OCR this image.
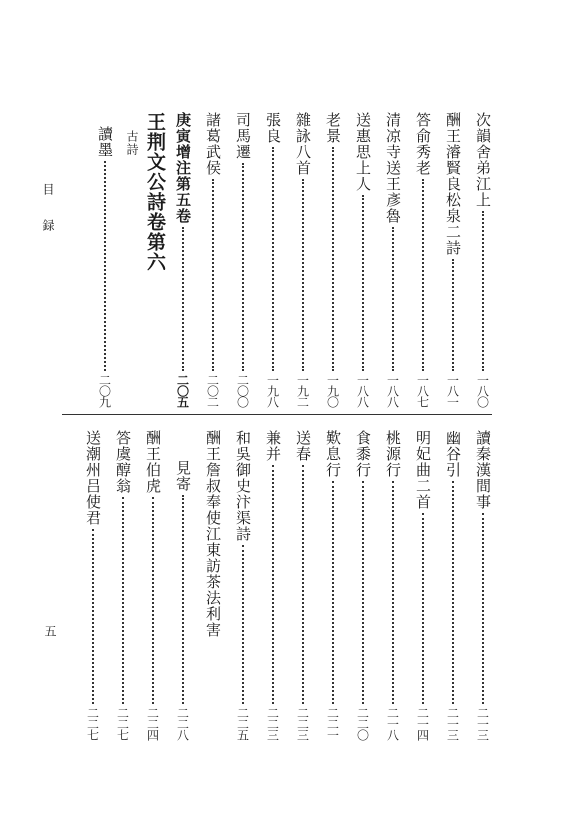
次韻舍弟江上
一八〇
酬王濬賢良松泉二詩
一八一
答俞秀老
一八七
清凉寺送王彥魯
一八八
送惠思上人
一八八
老景
一九〇
雜詠八首
一九二
張良
一九八
司馬遷
二〇〇
諸葛武侯
二〇二
庚寅增注第五卷
二〇五
王荆文公詩卷第六
古詩
讀墨
二〇九
讀秦漢間事
二一三
幽谷引
二一三
明妃曲二首
二一四
桃源行
二一八
食黍行
二二〇
歎息行
二二一
送春
二二三
兼并
二二三
和吳御史汴渠詩
二二五
酬王詹叔奉使江東訪茶法利害
見寄
二二八
酬王伯虎
二二四
答虞醇翁
二二七
送潮州吕使君
二二七
目 録
五
